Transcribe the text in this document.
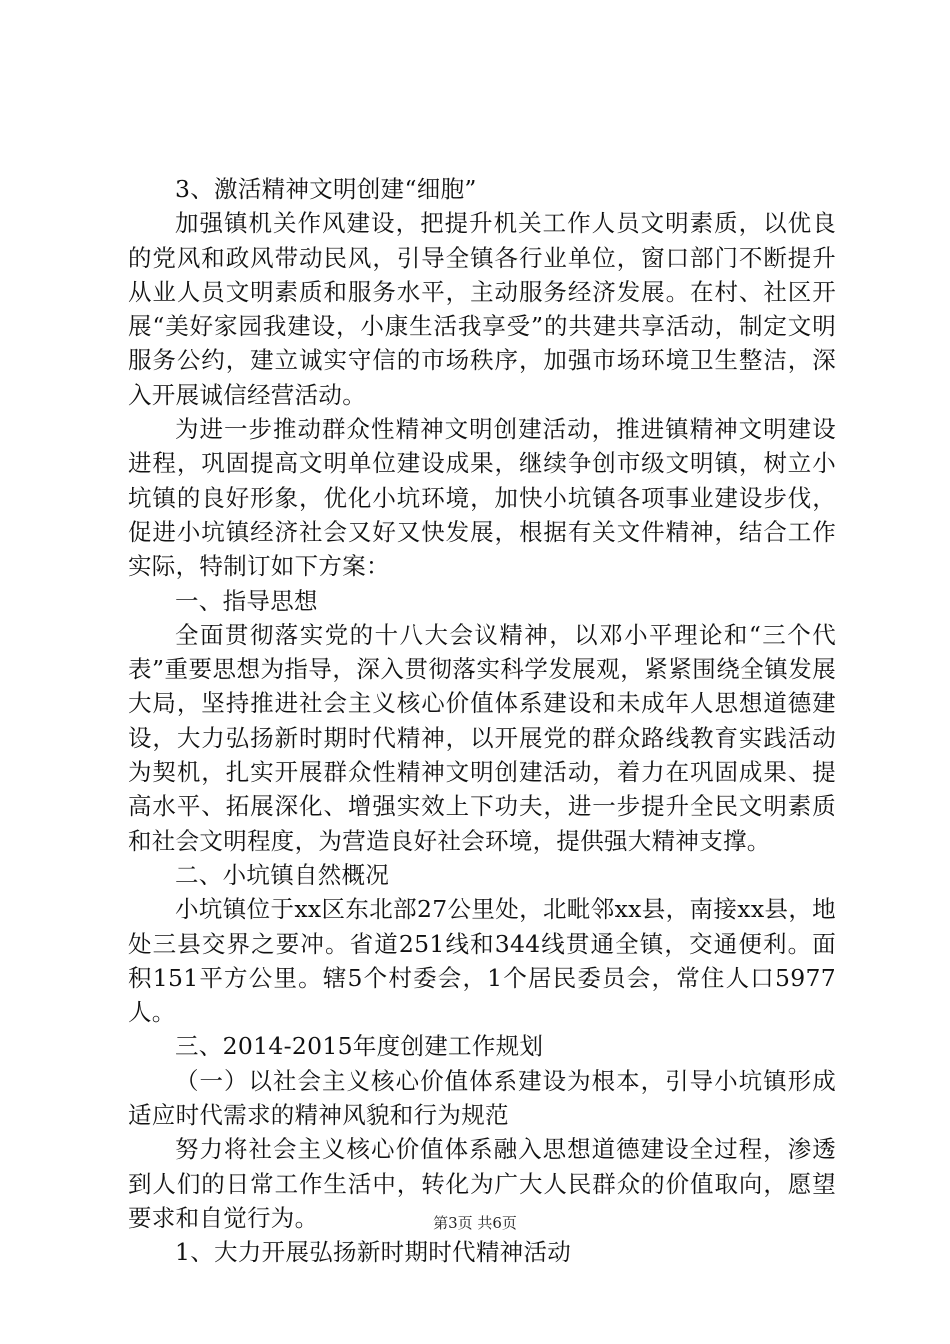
3、激活精神文明创建“细胞”

加强镇机关作风建设，把提升机关工作人员文明素质，以优良的党风和政风带动民风，引导全镇各行业单位，窗口部门不断提升从业人员文明素质和服务水平，主动服务经济发展。在村、社区开展“美好家园我建设，小康生活我享受”的共建共享活动，制定文明服务公约，建立诚实守信的市场秩序，加强市场环境卫生整洁，深入开展诚信经营活动。

为进一步推动群众性精神文明创建活动，推进镇精神文明建设进程，巩固提高文明单位建设成果，继续争创市级文明镇，树立小坑镇的良好形象，优化小坑环境，加快小坑镇各项事业建设步伐，促进小坑镇经济社会又好又快发展，根据有关文件精神，结合工作实际，特制订如下方案：

一、指导思想

全面贯彻落实党的十八大会议精神，以邓小平理论和“三个代表”重要思想为指导，深入贯彻落实科学发展观，紧紧围绕全镇发展大局，坚持推进社会主义核心价值体系建设和未成年人思想道德建设，大力弘扬新时期时代精神，以开展党的群众路线教育实践活动为契机，扎实开展群众性精神文明创建活动，着力在巩固成果、提高水平、拓展深化、增强实效上下功夫，进一步提升全民文明素质和社会文明程度，为营造良好社会环境，提供强大精神支撑。

二、小坑镇自然概况

小坑镇位于xx区东北部27公里处，北毗邻xx县，南接xx县，地处三县交界之要冲。省道251线和344线贯通全镇，交通便利。面积151平方公里。辖5个村委会，1个居民委员会，常住人口5977人。

三、2014-2015年度创建工作规划

（一）以社会主义核心价值体系建设为根本，引导小坑镇形成适应时代需求的精神风貌和行为规范

努力将社会主义核心价值体系融入思想道德建设全过程，渗透到人们的日常工作生活中，转化为广大人民群众的价值取向，愿望要求和自觉行为。

1、大力开展弘扬新时期时代精神活动

第3页 共6页
